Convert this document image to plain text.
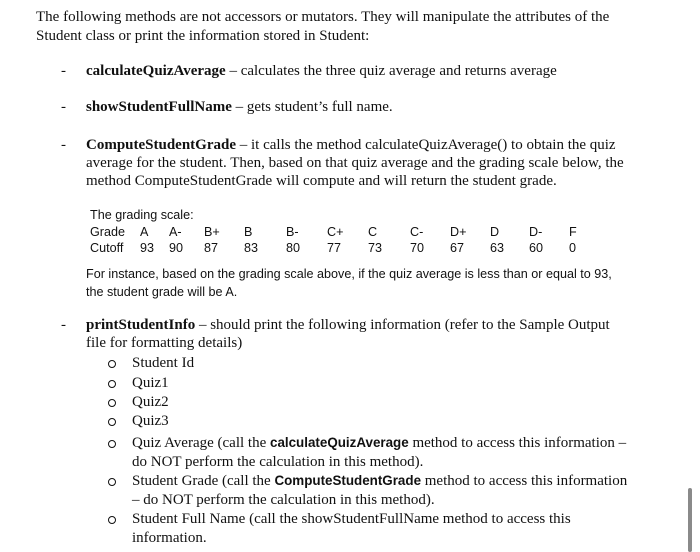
The following methods are not accessors or mutators. They will manipulate the attributes of the
Student class or print the information stored in Student:
- calculateQuizAverage – calculates the three quiz average and returns average
- showStudentFullName – gets student’s full name.
- ComputeStudentGrade – it calls the method calculateQuizAverage() to obtain the quiz
average for the student. Then, based on that quiz average and the grading scale below, the
method ComputeStudentGrade will compute and will return the student grade.
The grading scale:
Grade	A	A-	B+	B	B-	C+	C	C-	D+	D	D-	F
Cutoff	93	90	87	83	80	77	73	70	67	63	60	0
For instance, based on the grading scale above, if the quiz average is less than or equal to 93,
the student grade will be A.
- printStudentInfo – should print the following information (refer to the Sample Output
file for formatting details)
Student Id
Quiz1
Quiz2
Quiz3
Quiz Average (call the calculateQuizAverage method to access this information –
do NOT perform the calculation in this method).
Student Grade (call the ComputeStudentGrade method to access this information
– do NOT perform the calculation in this method).
Student Full Name (call the showStudentFullName method to access this
information.
